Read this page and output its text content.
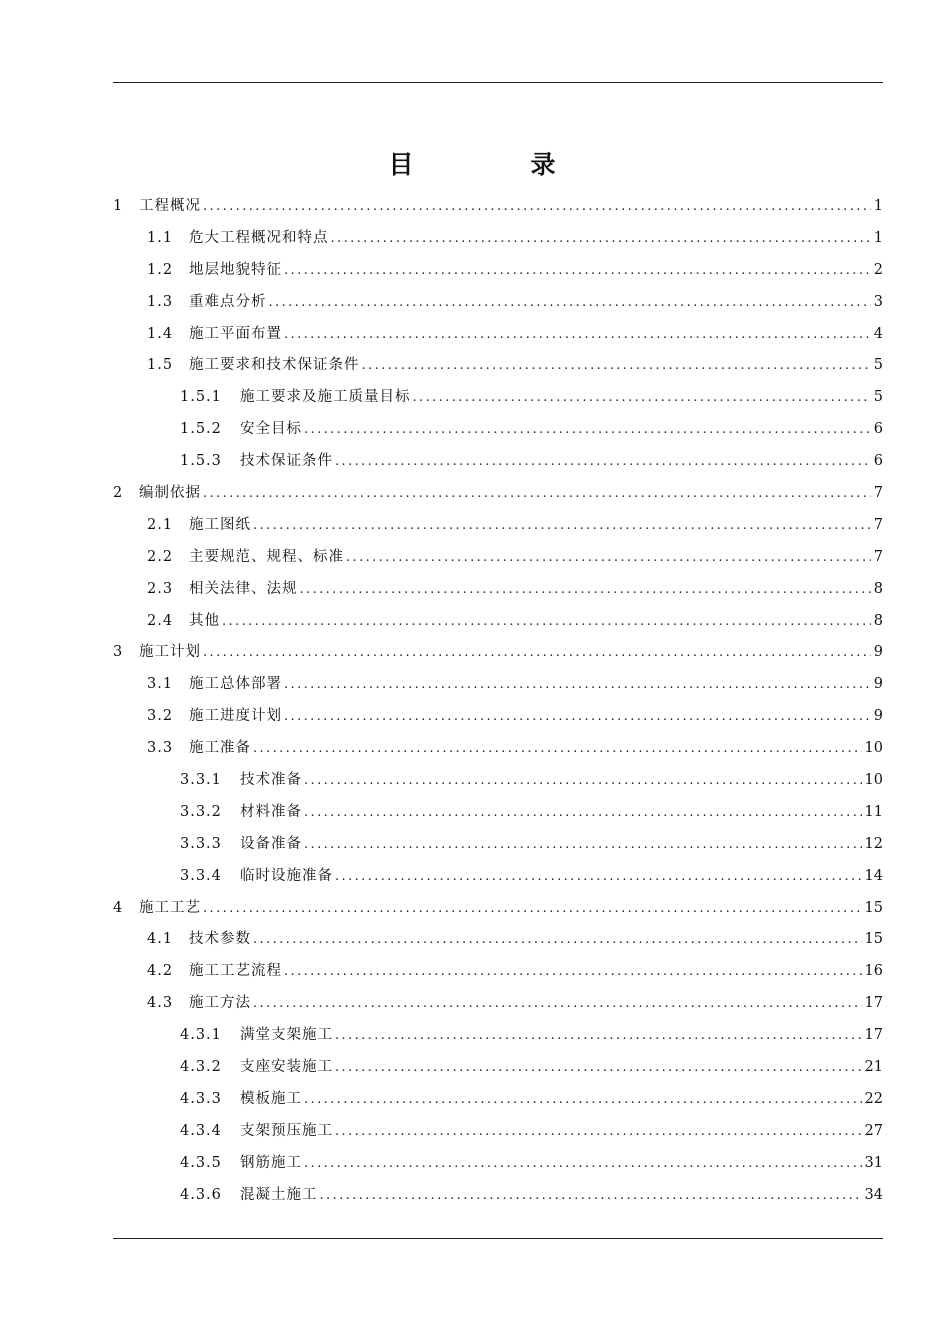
目　录
1	工程概况 .....	1
1.1	危大工程概况和特点 .....	1
1.2	地层地貌特征 .....	2
1.3	重难点分析 .....	3
1.4	施工平面布置 .....	4
1.5	施工要求和技术保证条件 .....	5
1.5.1	施工要求及施工质量目标 .....	5
1.5.2	安全目标 .....	6
1.5.3	技术保证条件 .....	6
2	编制依据 .....	7
2.1	施工图纸 .....	7
2.2	主要规范、规程、标准 .....	7
2.3	相关法律、法规 .....	8
2.4	其他 .....	8
3	施工计划 .....	9
3.1	施工总体部署 .....	9
3.2	施工进度计划 .....	9
3.3	施工准备 .....	10
3.3.1	技术准备 .....	10
3.3.2	材料准备 .....	11
3.3.3	设备准备 .....	12
3.3.4	临时设施准备 .....	14
4	施工工艺 .....	15
4.1	技术参数 .....	15
4.2	施工工艺流程 .....	16
4.3	施工方法 .....	17
4.3.1	满堂支架施工 .....	17
4.3.2	支座安装施工 .....	21
4.3.3	模板施工 .....	22
4.3.4	支架预压施工 .....	27
4.3.5	钢筋施工 .....	31
4.3.6	混凝土施工 .....	34
